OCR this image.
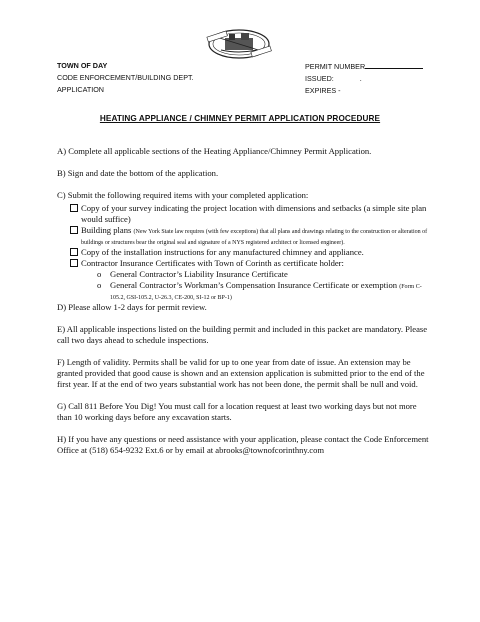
TOWN OF DAY
CODE ENFORCEMENT/BUILDING DEPT.
APPLICATION
PERMIT NUMBER
ISSUED:	.
EXPIRES -
HEATING APPLIANCE / CHIMNEY PERMIT APPLICATION PROCEDURE

A) Complete all applicable sections of the Heating Appliance/Chimney Permit Application.

B) Sign and date the bottom of the application.

C) Submit the following required items with your completed application:
Copy of your survey indicating the project location with dimensions and setbacks (a simple site plan would suffice)
Building plans (New York State law requires (with few exceptions) that all plans and drawings relating to the construction or alteration of buildings or structures bear the original seal and signature of a NYS registered architect or licensed engineer).
Copy of the installation instructions for any manufactured chimney and appliance.
Contractor Insurance Certificates with Town of Corinth as certificate holder:
o General Contractor’s Liability Insurance Certificate
o General Contractor’s Workman’s Compensation Insurance Certificate or exemption (Form C-105.2, GSI-105.2, U-26.3, CE-200, SI-12 or BP-1)

D) Please allow 1-2 days for permit review.

E) All applicable inspections listed on the building permit and included in this packet are mandatory. Please call two days ahead to schedule inspections.

F) Length of validity. Permits shall be valid for up to one year from date of issue. An extension may be granted provided that good cause is shown and an extension application is submitted prior to the end of the first year. If at the end of two years substantial work has not been done, the permit shall be null and void.

G) Call 811 Before You Dig! You must call for a location request at least two working days but not more than 10 working days before any excavation starts.

H) If you have any questions or need assistance with your application, please contact the Code Enforcement Office at (518) 654-9232 Ext.6 or by email at abrooks@townofcorinthny.com
